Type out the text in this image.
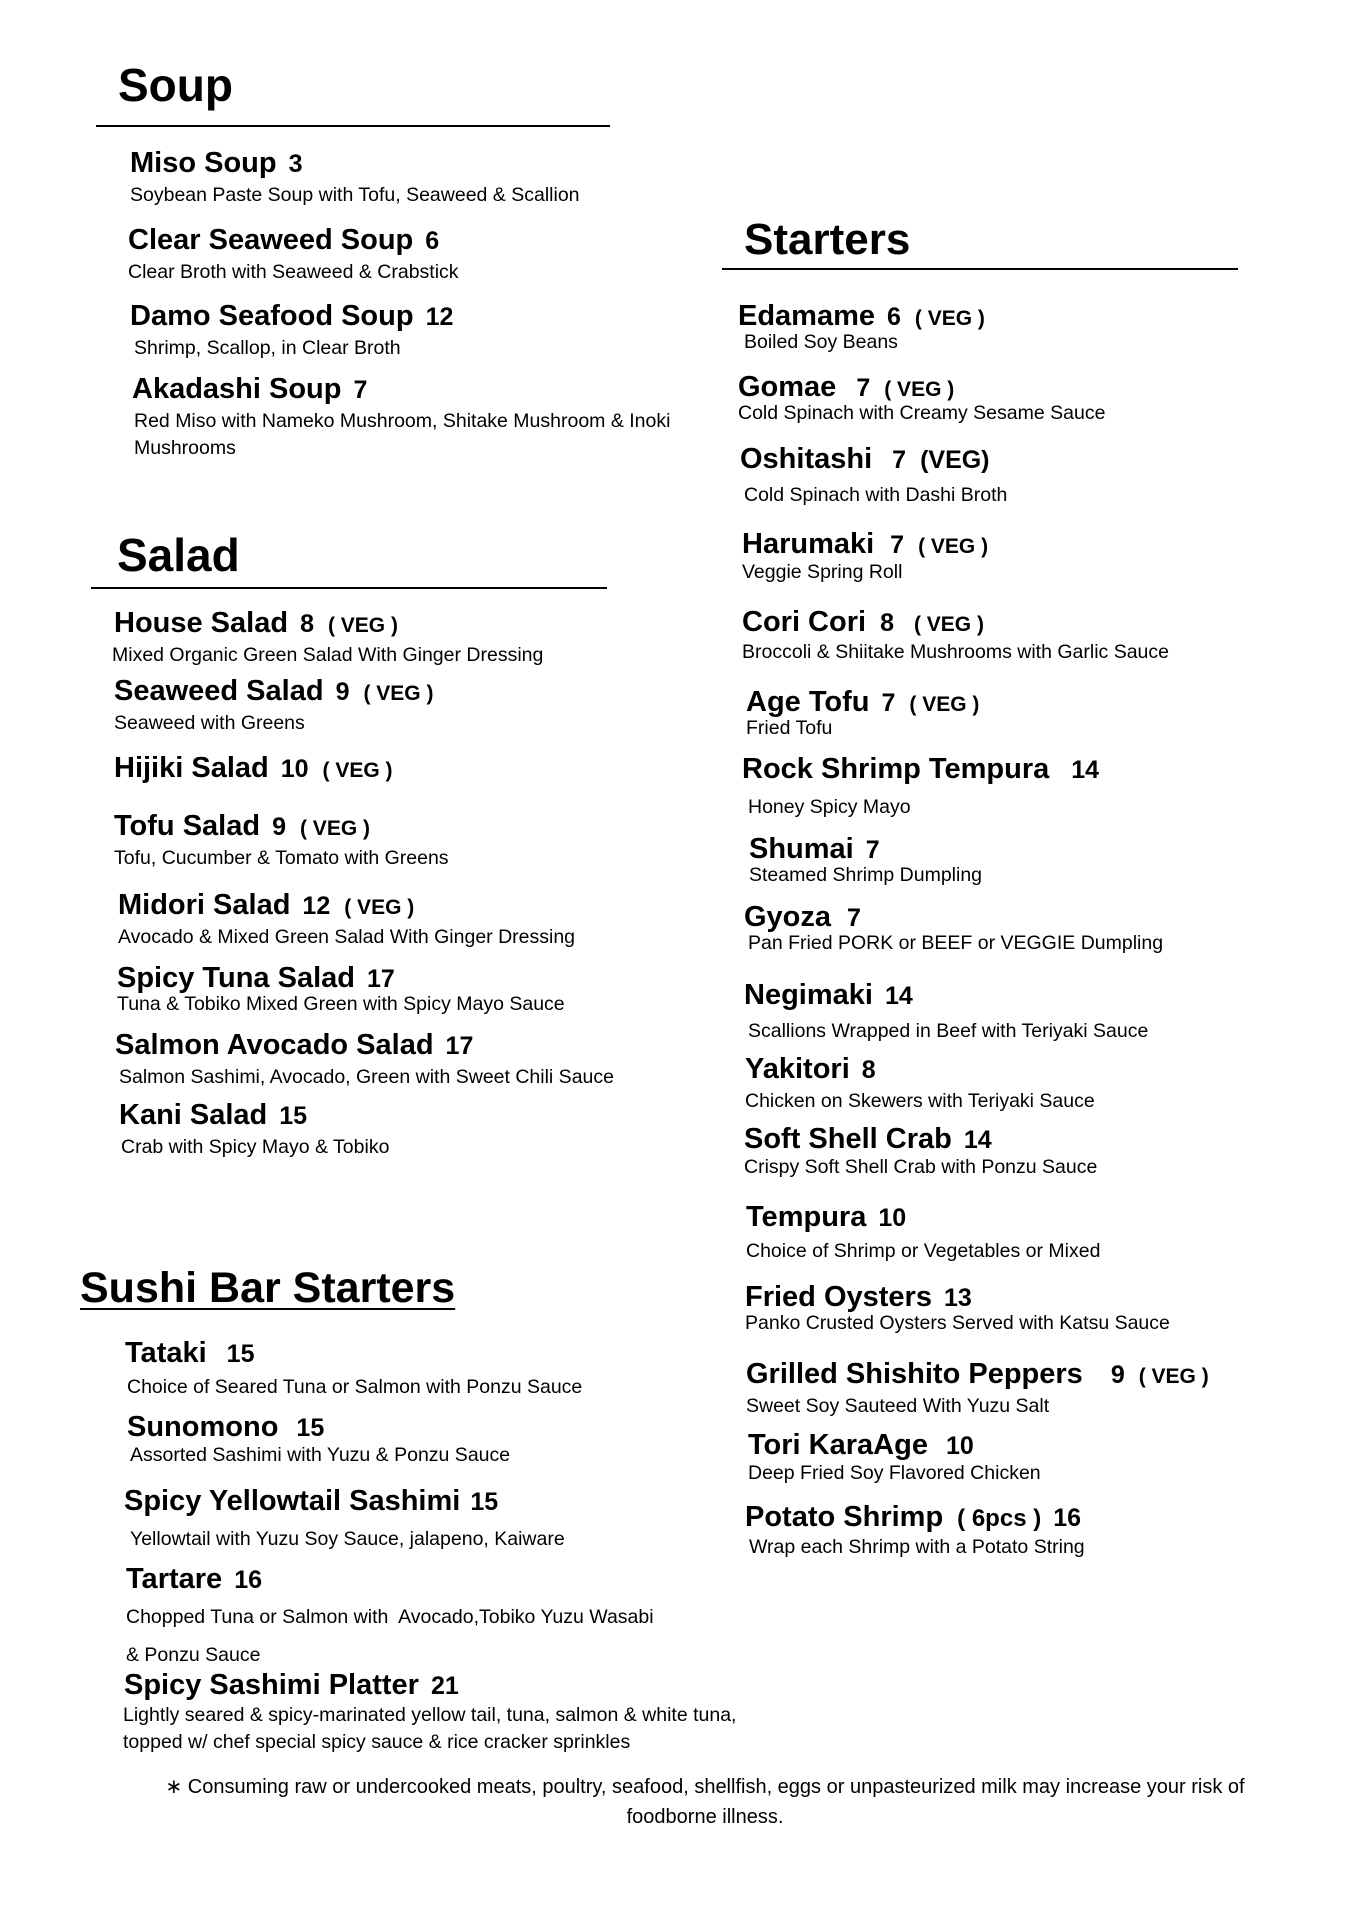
Soup
Miso Soup 3
Soybean Paste Soup with Tofu, Seaweed & Scallion
Clear Seaweed Soup 6
Clear Broth with Seaweed & Crabstick
Damo Seafood Soup 12
Shrimp, Scallop, in Clear Broth
Akadashi Soup 7
Red Miso with Nameko Mushroom, Shitake Mushroom & Inoki Mushrooms
Salad
House Salad 8 ( VEG )
Mixed Organic Green Salad With Ginger Dressing
Seaweed Salad 9 ( VEG )
Seaweed with Greens
Hijiki Salad 10 ( VEG )
Tofu Salad 9 ( VEG )
Tofu, Cucumber & Tomato with Greens
Midori Salad 12 ( VEG )
Avocado & Mixed Green Salad With Ginger Dressing
Spicy Tuna Salad 17
Tuna & Tobiko Mixed Green with Spicy Mayo Sauce
Salmon Avocado Salad 17
Salmon Sashimi, Avocado, Green with Sweet Chili Sauce
Kani Salad 15
Crab with Spicy Mayo & Tobiko
Sushi Bar Starters
Tataki 15
Choice of Seared Tuna or Salmon with Ponzu Sauce
Sunomono 15
Assorted Sashimi with Yuzu & Ponzu Sauce
Spicy Yellowtail Sashimi 15
Yellowtail with Yuzu Soy Sauce, jalapeno, Kaiware
Tartare 16
Chopped Tuna or Salmon with  Avocado,Tobiko Yuzu Wasabi
& Ponzu Sauce
Spicy Sashimi Platter 21
Lightly seared & spicy-marinated yellow tail, tuna, salmon & white tuna,
topped w/ chef special spicy sauce & rice cracker sprinkles
Starters
Edamame 6 ( VEG )
Boiled Soy Beans
Gomae 7 ( VEG )
Cold Spinach with Creamy Sesame Sauce
Oshitashi 7 (VEG)
Cold Spinach with Dashi Broth
Harumaki 7 ( VEG )
Veggie Spring Roll
Cori Cori 8 ( VEG )
Broccoli & Shiitake Mushrooms with Garlic Sauce
Age Tofu 7 ( VEG )
Fried Tofu
Rock Shrimp Tempura 14
Honey Spicy Mayo
Shumai 7
Steamed Shrimp Dumpling
Gyoza 7
Pan Fried PORK or BEEF or VEGGIE Dumpling
Negimaki 14
Scallions Wrapped in Beef with Teriyaki Sauce
Yakitori 8
Chicken on Skewers with Teriyaki Sauce
Soft Shell Crab 14
Crispy Soft Shell Crab with Ponzu Sauce
Tempura 10
Choice of Shrimp or Vegetables or Mixed
Fried Oysters 13
Panko Crusted Oysters Served with Katsu Sauce
Grilled Shishito Peppers 9 ( VEG )
Sweet Soy Sauteed With Yuzu Salt
Tori KaraAge 10
Deep Fried Soy Flavored Chicken
Potato Shrimp ( 6pcs ) 16
Wrap each Shrimp with a Potato String
∗ Consuming raw or undercooked meats, poultry, seafood, shellfish, eggs or unpasteurized milk may increase your risk of foodborne illness.
